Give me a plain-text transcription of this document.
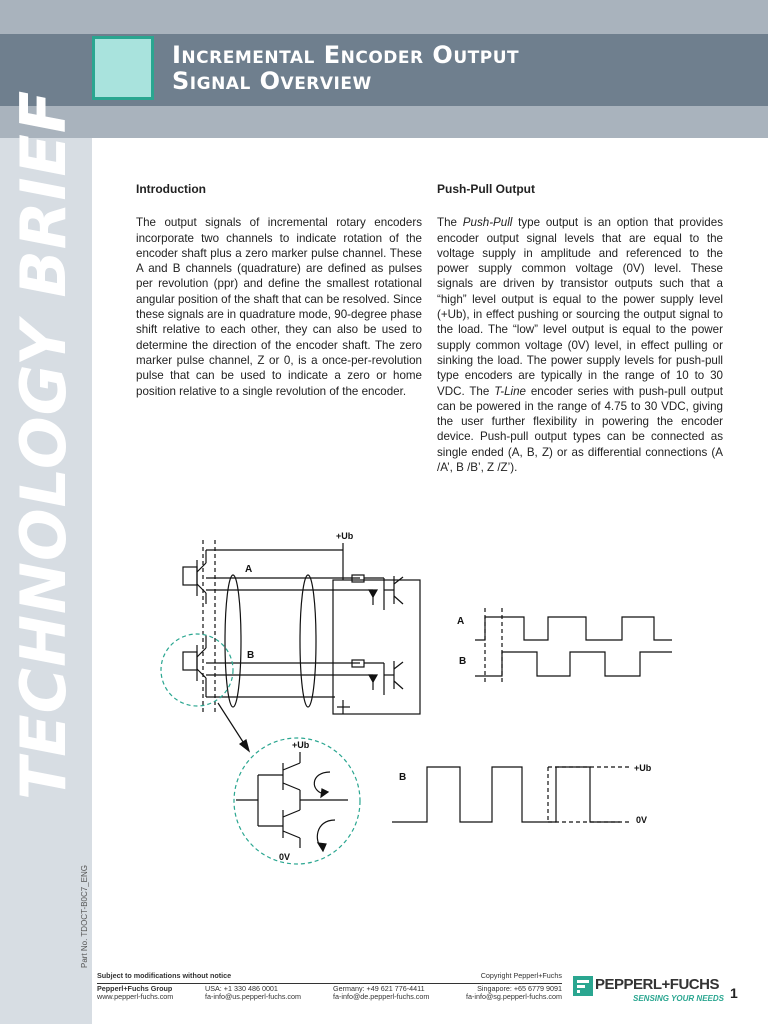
Incremental Encoder Output
Signal Overview
TECHNOLOGY BRIEF
Part No. TDOCT-B0C7_ENG
Introduction

The output signals of incremental rotary encoders incorporate two channels to indicate rotation of the encoder shaft plus a zero marker pulse channel. These A and B channels (quadrature) are defined as pulses per revolution (ppr) and define the smallest rotational angular position of the shaft that can be resolved. Since these signals are in quadrature mode, 90-degree phase shift relative to each other, they can also be used to determine the direction of the encoder shaft. The zero marker pulse channel, Z or 0, is a once-per-revolution pulse that can be used to indicate a zero or home position relative to a single revolution of the encoder.

Push-Pull Output

The Push-Pull type output is an option that provides encoder output signal levels that are equal to the voltage supply in amplitude and referenced to the power supply common voltage (0V) level. These signals are driven by transistor outputs such that a “high” level output is equal to the power supply level (+Ub), in effect pushing or sourcing the output signal to the load. The “low” level output is equal to the power supply common voltage (0V) level, in effect pulling or sinking the load. The power supply levels for push-pull type encoders are typically in the range of 10 to 30 VDC. The T-Line encoder series with push-pull output can be powered in the range of 4.75 to 30 VDC, giving the user further flexibility in powering the encoder device. Push-pull output types can be connected as single ended (A, B, Z) or as differential connections (A /A’, B /B’, Z /Z’).

+Ub
A
B
A
B
+Ub
0V
B
+Ub
0V
Subject to modifications without notice	Copyright Pepperl+Fuchs
Pepperl+Fuchs Group
www.pepperl-fuchs.com
USA: +1 330 486 0001
fa-info@us.pepperl-fuchs.com
Germany: +49 621 776-4411
fa-info@de.pepperl-fuchs.com
Singapore: +65 6779 9091
fa-info@sg.pepperl-fuchs.com
PEPPERL+FUCHS
SENSING YOUR NEEDS 1
